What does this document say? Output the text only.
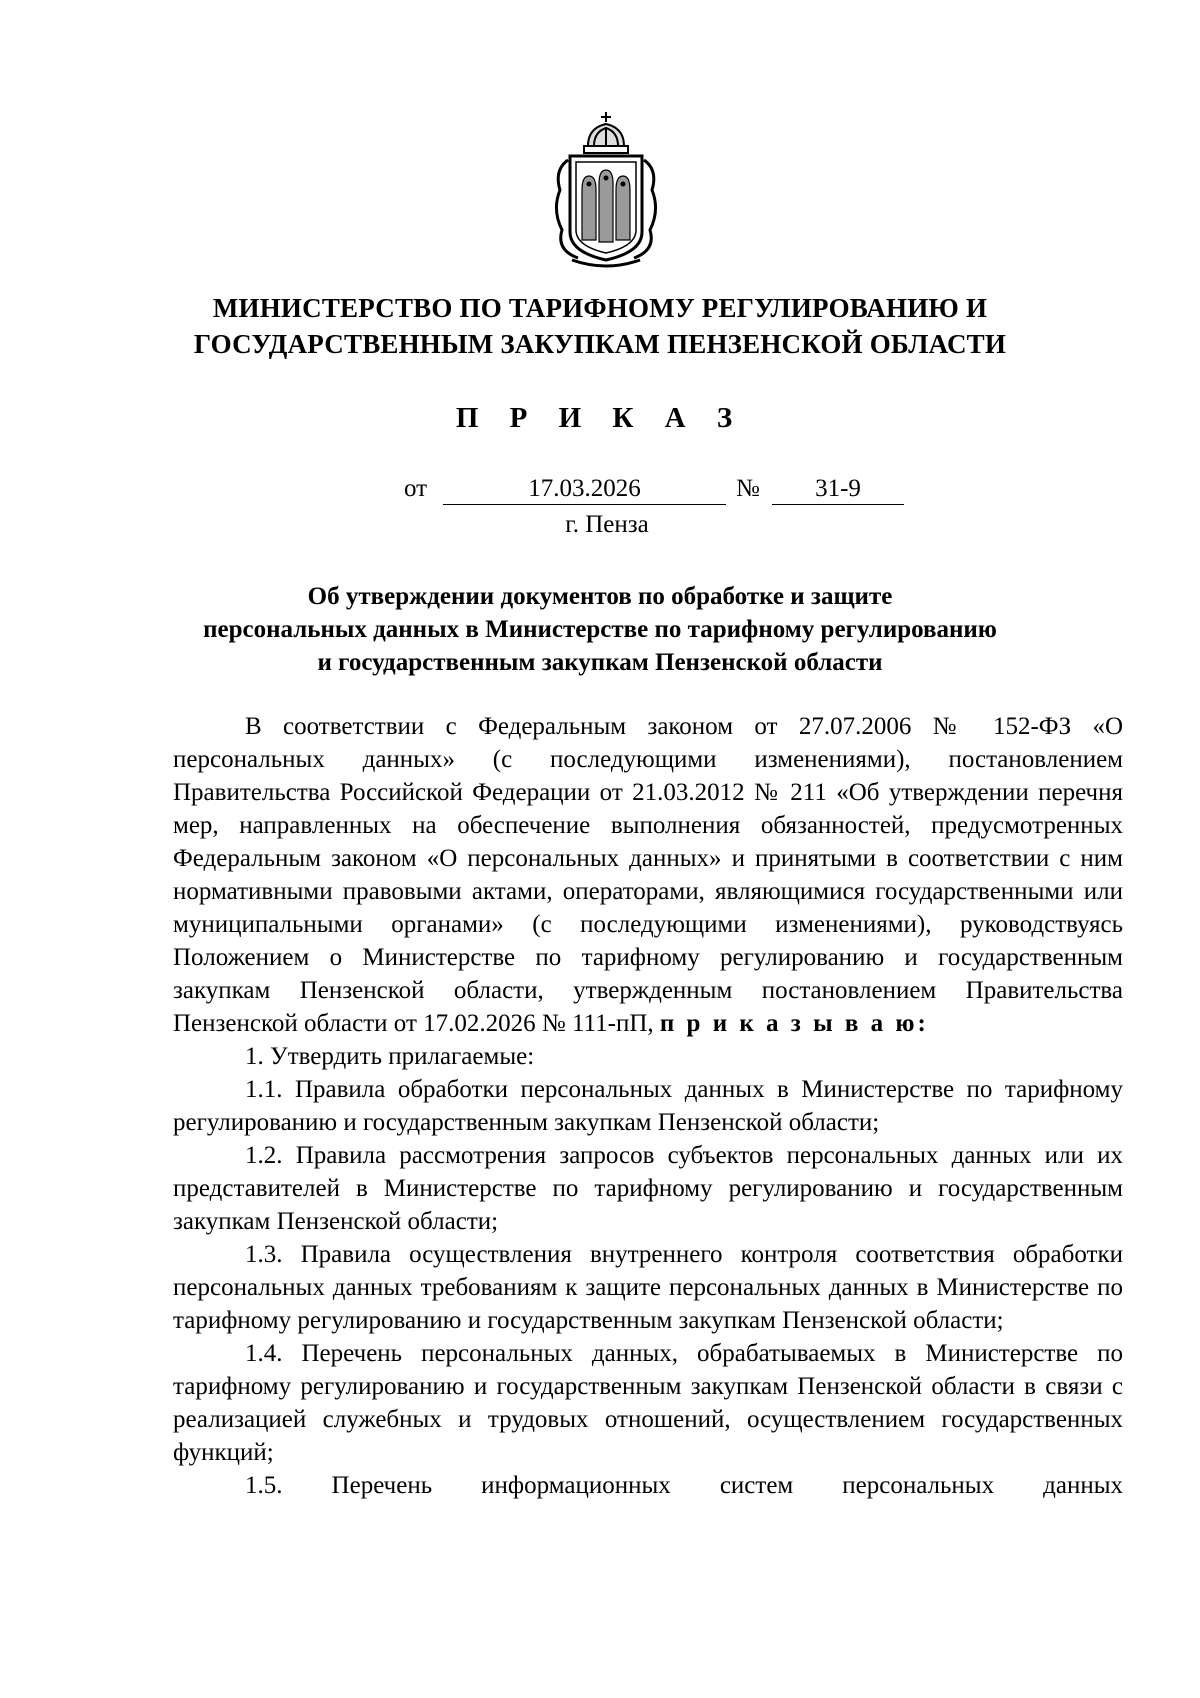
МИНИСТЕРСТВО ПО ТАРИФНОМУ РЕГУЛИРОВАНИЮ И
ГОСУДАРСТВЕННЫМ ЗАКУПКАМ ПЕНЗЕНСКОЙ ОБЛАСТИ
П Р И К А З
от	17.03.2026	№	31-9
г. Пенза
Об утверждении документов по обработке и защите
персональных данных в Министерстве по тарифному регулированию
и государственным закупкам Пензенской области

В соответствии с Федеральным законом от 27.07.2006 № 152-ФЗ «О персональных данных» (с последующими изменениями), постановлением Правительства Российской Федерации от 21.03.2012 № 211 «Об утверждении перечня мер, направленных на обеспечение выполнения обязанностей, предусмотренных Федеральным законом «О персональных данных» и принятыми в соответствии с ним нормативными правовыми актами, операторами, являющимися государственными или муниципальными органами» (с последующими изменениями), руководствуясь Положением о Министерстве по тарифному регулированию и государственным закупкам Пензенской области, утвержденным постановлением Правительства Пензенской области от 17.02.2026 № 111-пП, п р и к а з ы в а ю:

1. Утвердить прилагаемые:

1.1. Правила обработки персональных данных в Министерстве по тарифному регулированию и государственным закупкам Пензенской области;

1.2. Правила рассмотрения запросов субъектов персональных данных или их представителей в Министерстве по тарифному регулированию и государственным закупкам Пензенской области;

1.3. Правила осуществления внутреннего контроля соответствия обработки персональных данных требованиям к защите персональных данных в Министерстве по тарифному регулированию и государственным закупкам Пензенской области;

1.4. Перечень персональных данных, обрабатываемых в Министерстве по тарифному регулированию и государственным закупкам Пензенской области в связи с реализацией служебных и трудовых отношений, осуществлением государственных функций;

1.5. Перечень информационных систем персональных данных
